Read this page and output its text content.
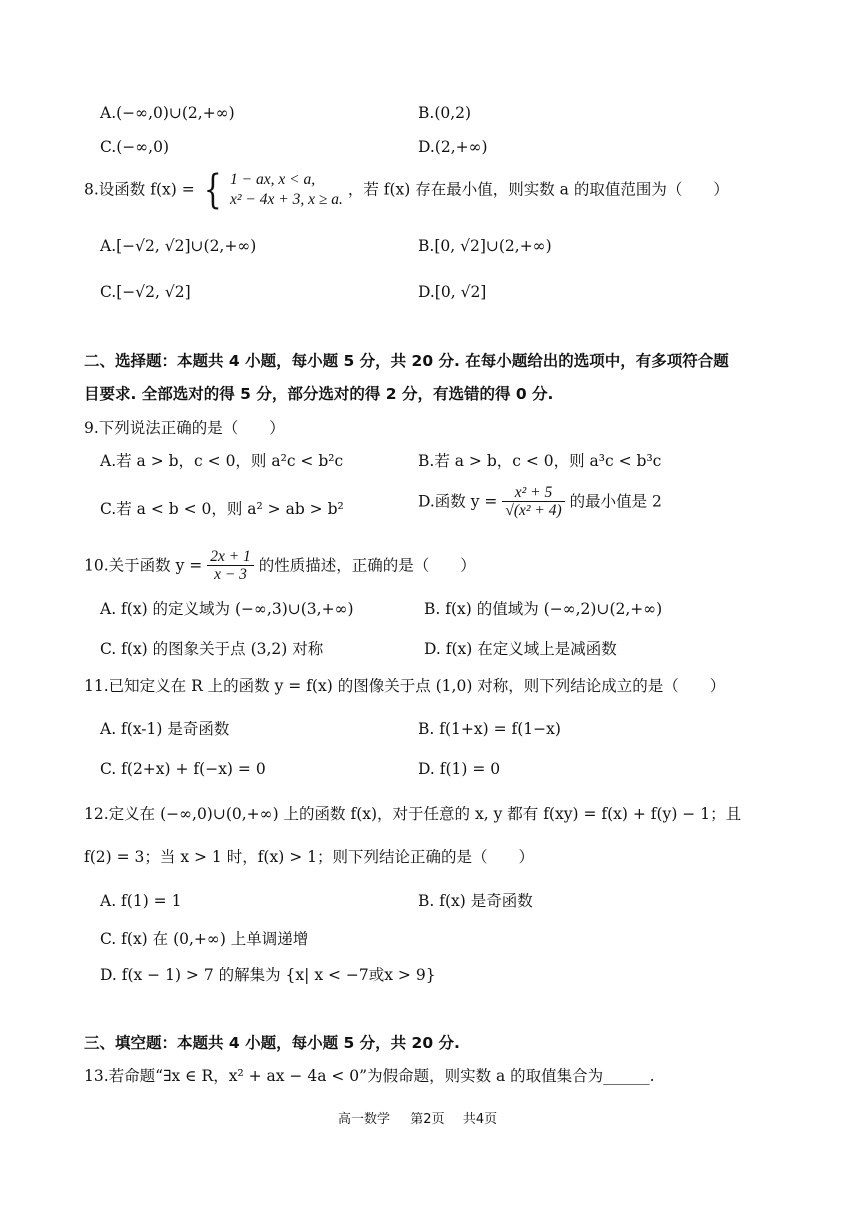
A.(−∞,0)∪(2,+∞)	B.(0,2)
C.(−∞,0)	D.(2,+∞)
8.设函数 f(x) = { 1 − ax, x < a,
x² − 4x + 3, x ≥ a.
，若 f(x) 存在最小值，则实数 a 的取值范围为（　　）
A.[−√2, √2]∪(2,+∞)	B.[0, √2]∪(2,+∞)
C.[−√2, √2]	D.[0, √2]
二、选择题：本题共 4 小题，每小题 5 分，共 20 分. 在每小题给出的选项中，有多项符合题
目要求. 全部选对的得 5 分，部分选对的得 2 分，有选错的得 0 分.
9.下列说法正确的是（　　）
A.若 a > b，c < 0，则 a²c < b²c	B.若 a > b，c < 0，则 a³c < b³c
C.若 a < b < 0，则 a² > ab > b²	D.函数 $y = \frac{\text{x² + 5}}{\text{√(x² + 4)}}$ 的最小值是 2
10.关于函数 $y = \frac{2x + 1}{x - 3}$ 的性质描述，正确的是（　　）
A. f(x) 的定义域为 (−∞,3)∪(3,+∞)	B. f(x) 的值域为 (−∞,2)∪(2,+∞)
C. f(x) 的图象关于点 (3,2) 对称	D. f(x) 在定义域上是减函数
11.已知定义在 R 上的函数 y = f(x) 的图像关于点 (1,0) 对称，则下列结论成立的是（　　）
A. f(x-1) 是奇函数	B. f(1+x) = f(1−x)
C. f(2+x) + f(−x) = 0	D. f(1) = 0
12.定义在 (−∞,0)∪(0,+∞) 上的函数 f(x)，对于任意的 x, y 都有 f(xy) = f(x) + f(y) − 1；且
f(2) = 3；当 x > 1 时，f(x) > 1；则下列结论正确的是（　　）
A. f(1) = 1	B. f(x) 是奇函数
C. f(x) 在 (0,+∞) 上单调递增
D. f(x − 1) > 7 的解集为 {x| x < −7或x > 9}
三、填空题：本题共 4 小题，每小题 5 分，共 20 分.
13.若命题“∃x ∈ R，x² + ax − 4a < 0”为假命题，则实数 a 的取值集合为______.
高一数学 第2页 共4页
